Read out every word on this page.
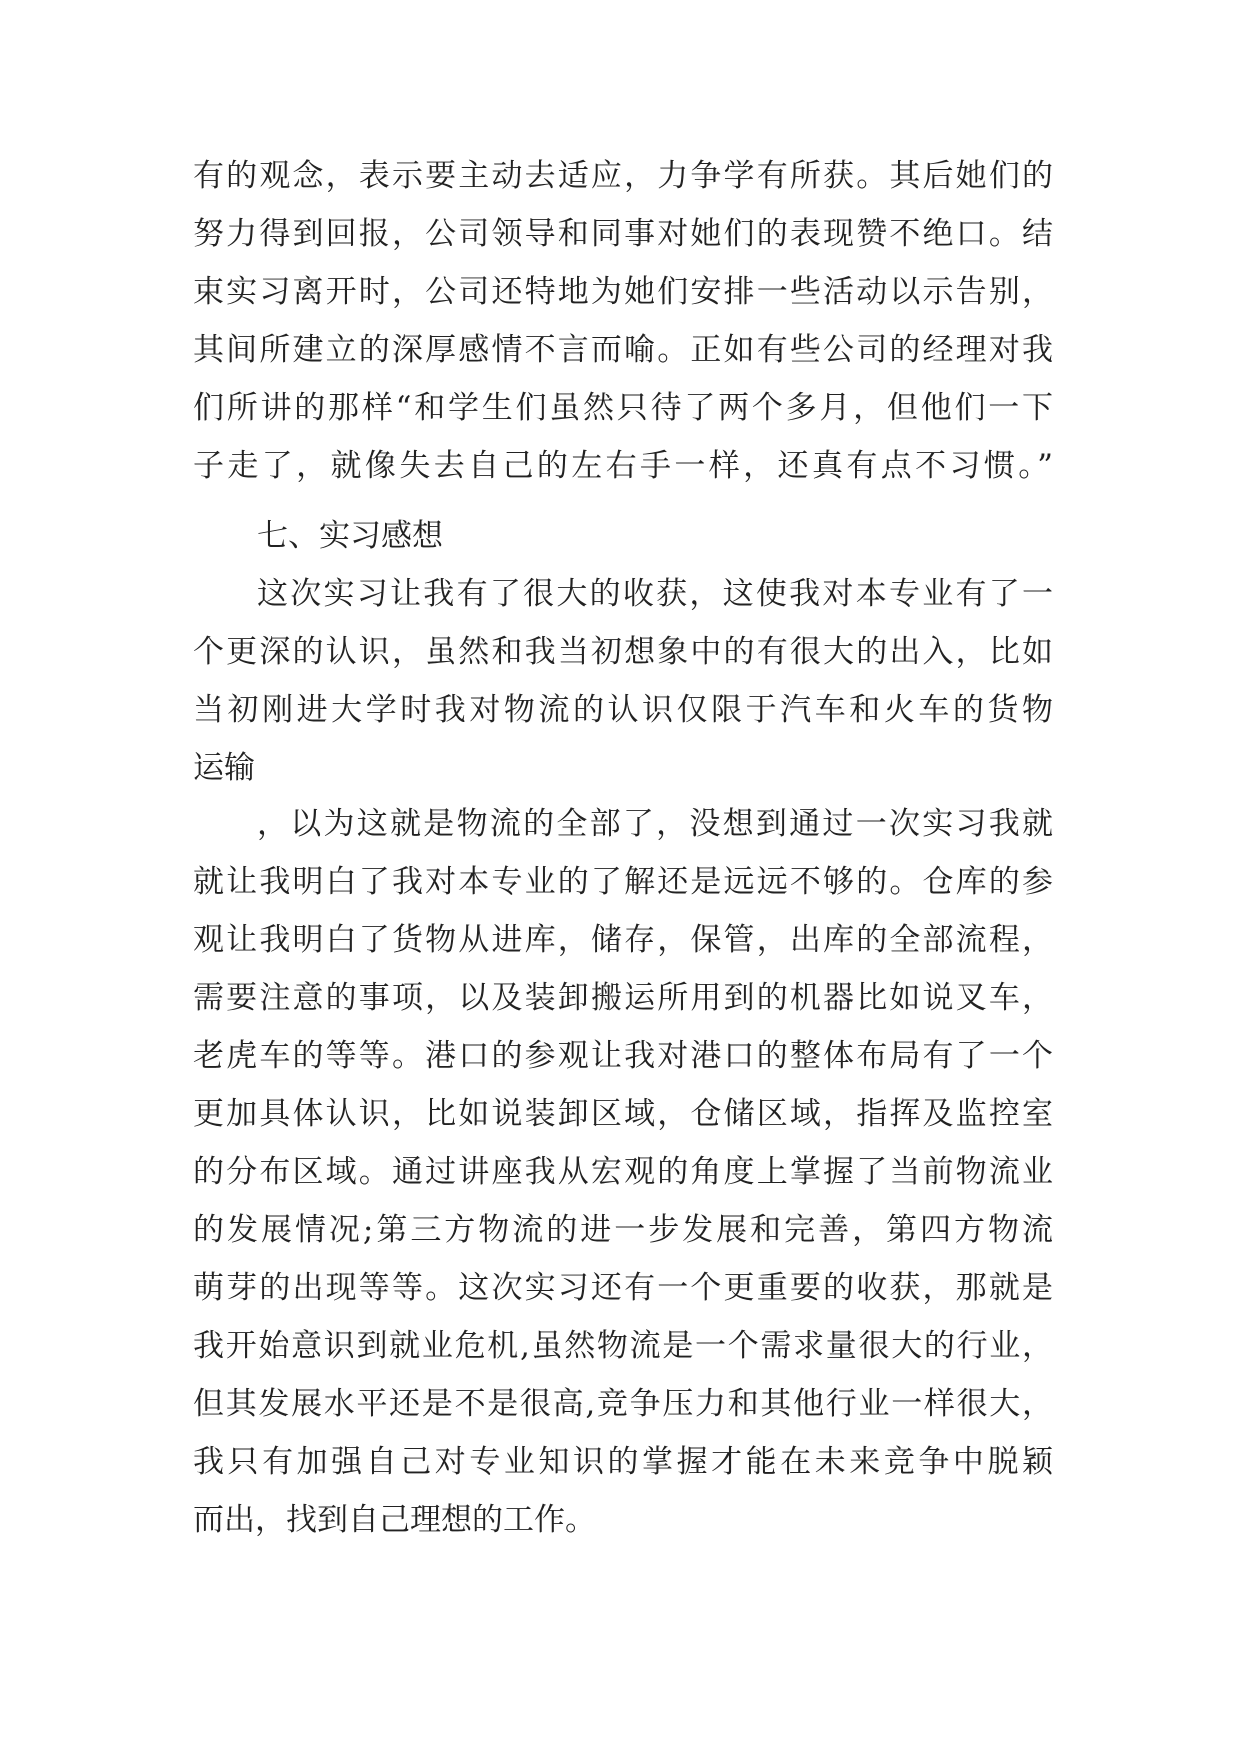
有的观念，表示要主动去适应，力争学有所获。其后她们的
努力得到回报，公司领导和同事对她们的表现赞不绝口。结
束实习离开时，公司还特地为她们安排一些活动以示告别，
其间所建立的深厚感情不言而喻。正如有些公司的经理对我
们所讲的那样“和学生们虽然只待了两个多月，但他们一下
子走了，就像失去自己的左右手一样，还真有点不习惯。”
七、实习感想
这次实习让我有了很大的收获，这使我对本专业有了一
个更深的认识，虽然和我当初想象中的有很大的出入，比如
当初刚进大学时我对物流的认识仅限于汽车和火车的货物
运输
，以为这就是物流的全部了，没想到通过一次实习我就
就让我明白了我对本专业的了解还是远远不够的。仓库的参
观让我明白了货物从进库，储存，保管，出库的全部流程，
需要注意的事项，以及装卸搬运所用到的机器比如说叉车，
老虎车的等等。港口的参观让我对港口的整体布局有了一个
更加具体认识，比如说装卸区域，仓储区域，指挥及监控室
的分布区域。通过讲座我从宏观的角度上掌握了当前物流业
的发展情况;第三方物流的进一步发展和完善，第四方物流
萌芽的出现等等。这次实习还有一个更重要的收获，那就是
我开始意识到就业危机,虽然物流是一个需求量很大的行业，
但其发展水平还是不是很高,竞争压力和其他行业一样很大，
我只有加强自己对专业知识的掌握才能在未来竞争中脱颖
而出，找到自己理想的工作。
